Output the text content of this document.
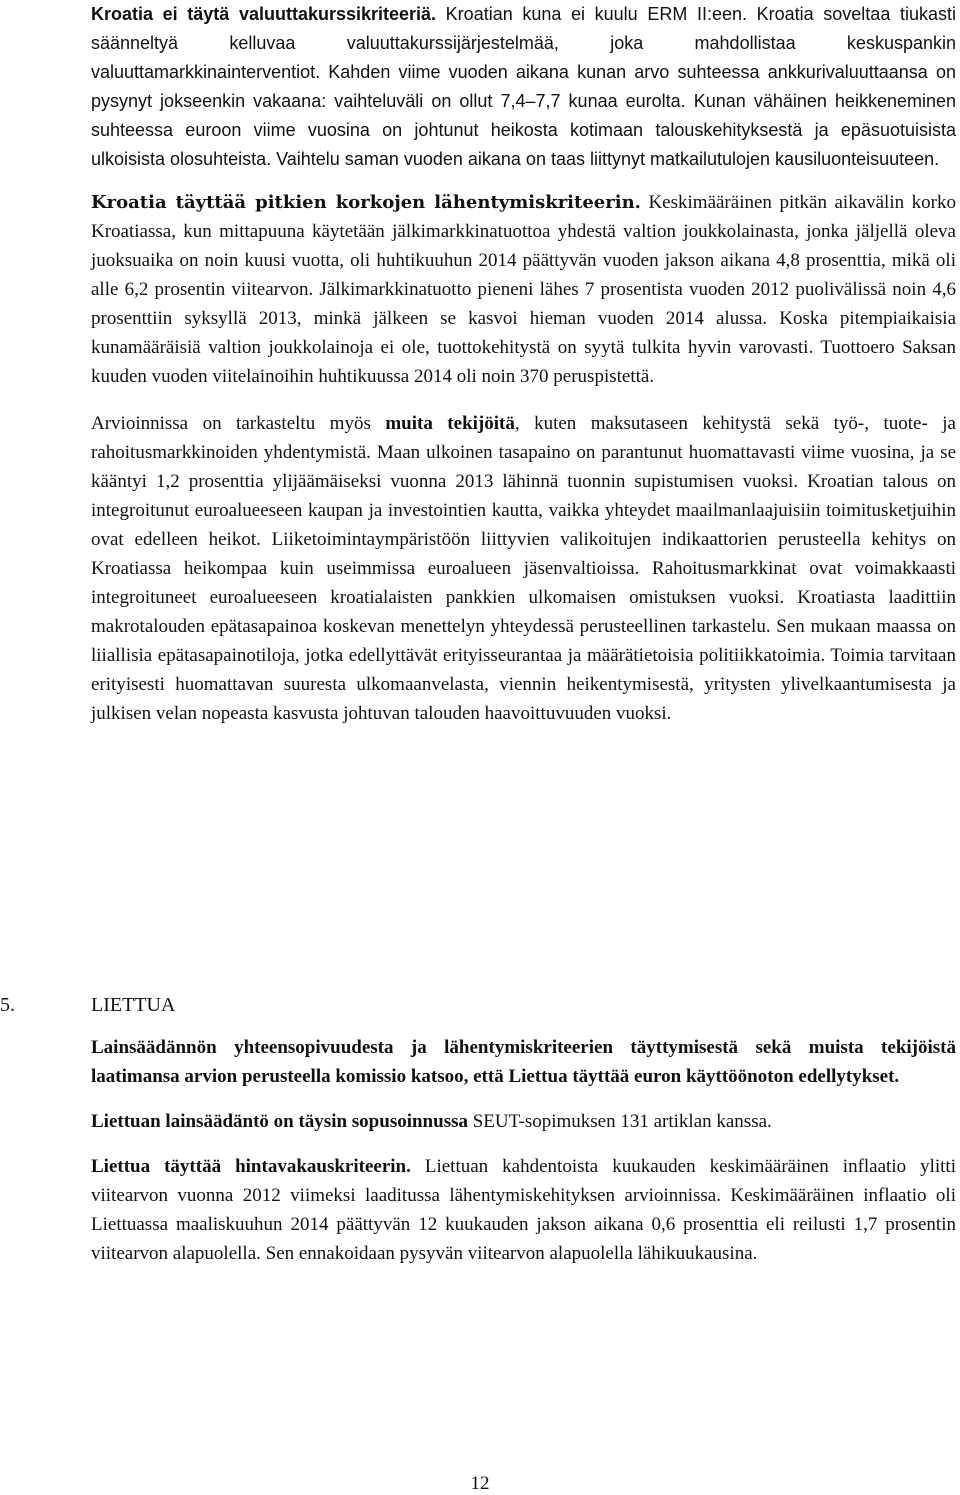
Kroatia ei täytä valuuttakurssikriteeriä. Kroatian kuna ei kuulu ERM II:een. Kroatia soveltaa tiukasti säänneltyä kelluvaa valuuttakurssijärjestelmää, joka mahdollistaa keskuspankin valuuttamarkkinainterventiot. Kahden viime vuoden aikana kunan arvo suhteessa ankkurivaluuttaansa on pysynyt jokseenkin vakaana: vaihteluväli on ollut 7,4–7,7 kunaa eurolta. Kunan vähäinen heikkeneminen suhteessa euroon viime vuosina on johtunut heikosta kotimaan talouskehityksestä ja epäsuotuisista ulkoisista olosuhteista. Vaihtelu saman vuoden aikana on taas liittynyt matkailutulojen kausiluonteisuuteen.

Kroatia täyttää pitkien korkojen lähentymiskriteerin. Keskimääräinen pitkän aikavälin korko Kroatiassa, kun mittapuuna käytetään jälkimarkkinatuottoa yhdestä valtion joukkolainasta, jonka jäljellä oleva juoksuaika on noin kuusi vuotta, oli huhtikuuhun 2014 päättyvän vuoden jakson aikana 4,8 prosenttia, mikä oli alle 6,2 prosentin viitearvon. Jälkimarkkinatuotto pieneni lähes 7 prosentista vuoden 2012 puolivälissä noin 4,6 prosenttiin syksyllä 2013, minkä jälkeen se kasvoi hieman vuoden 2014 alussa. Koska pitempiaikaisia kunamääräisiä valtion joukkolainoja ei ole, tuottokehitystä on syytä tulkita hyvin varovasti. Tuottoero Saksan kuuden vuoden viitelainoihin huhtikuussa 2014 oli noin 370 peruspistettä.

Arvioinnissa on tarkasteltu myös muita tekijöitä, kuten maksutaseen kehitystä sekä työ-, tuote- ja rahoitusmarkkinoiden yhdentymistä. Maan ulkoinen tasapaino on parantunut huomattavasti viime vuosina, ja se kääntyi 1,2 prosenttia ylijäämäiseksi vuonna 2013 lähinnä tuonnin supistumisen vuoksi. Kroatian talous on integroitunut euroalueeseen kaupan ja investointien kautta, vaikka yhteydet maailmanlaajuisiin toimitusketjuihin ovat edelleen heikot. Liiketoimintaympäristöön liittyvien valikoitujen indikaattorien perusteella kehitys on Kroatiassa heikompaa kuin useimmissa euroalueen jäsenvaltioissa. Rahoitusmarkkinat ovat voimakkaasti integroituneet euroalueeseen kroatialaisten pankkien ulkomaisen omistuksen vuoksi. Kroatiasta laadittiin makrotalouden epätasapainoa koskevan menettelyn yhteydessä perusteellinen tarkastelu. Sen mukaan maassa on liiallisia epätasapainotiloja, jotka edellyttävät erityisseurantaa ja määrätietoisia politiikkatoimia. Toimia tarvitaan erityisesti huomattavan suuresta ulkomaanvelasta, viennin heikentymisestä, yritysten ylivelkaantumisesta ja julkisen velan nopeasta kasvusta johtuvan talouden haavoittuvuuden vuoksi.

5.	LIETTUA

Lainsäädännön yhteensopivuudesta ja lähentymiskriteerien täyttymisestä sekä muista tekijöistä laatimansa arvion perusteella komissio katsoo, että Liettua täyttää euron käyttöönoton edellytykset.

Liettuan lainsäädäntö on täysin sopusoinnussa SEUT-sopimuksen 131 artiklan kanssa.

Liettua täyttää hintavakauskriteerin. Liettuan kahdentoista kuukauden keskimääräinen inflaatio ylitti viitearvon vuonna 2012 viimeksi laaditussa lähentymiskehityksen arvioinnissa. Keskimääräinen inflaatio oli Liettuassa maaliskuuhun 2014 päättyvän 12 kuukauden jakson aikana 0,6 prosenttia eli reilusti 1,7 prosentin viitearvon alapuolella. Sen ennakoidaan pysyvän viitearvon alapuolella lähikuukausina.

12
